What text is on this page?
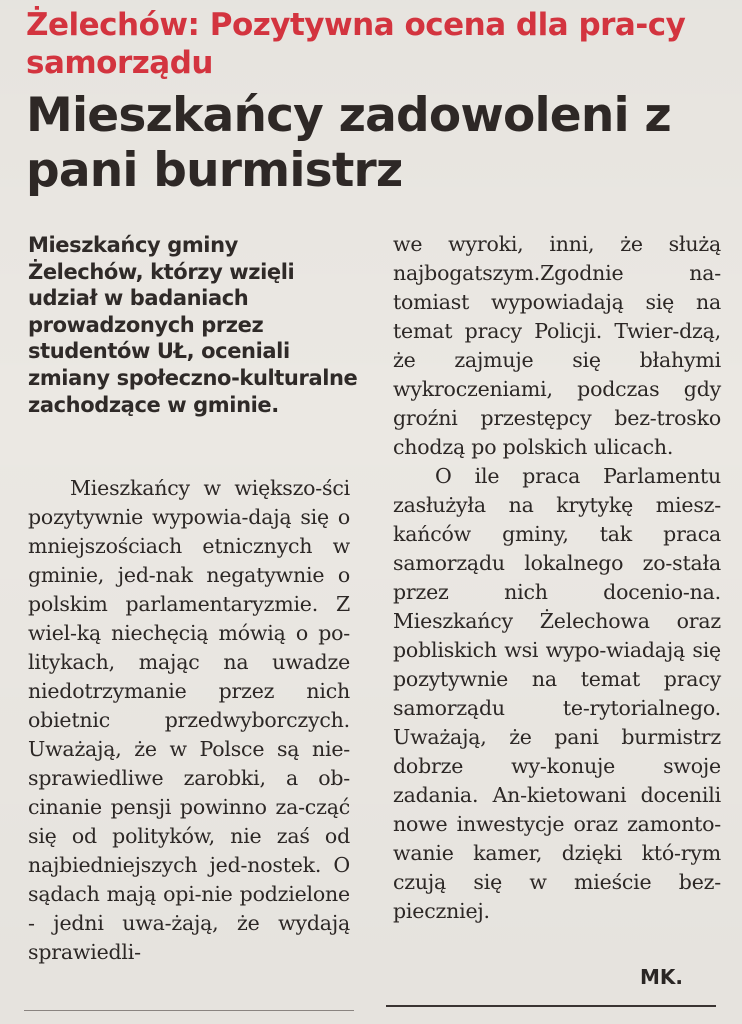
Żelechów: Pozytywna ocena dla pra-cy samorządu
Mieszkańcy zadowoleni z pani burmistrz
Mieszkańcy gminy Żelechów, którzy wzięli udział w badaniach prowadzonych przez studentów UŁ, oceniali zmiany społeczno-kulturalne zachodzące w gminie.

Mieszkańcy w większo-ści pozytywnie wypowia-dają się o mniejszościach etnicznych w gminie, jed-nak negatywnie o polskim parlamentaryzmie. Z wiel-ką niechęcią mówią o po-litykach, mając na uwadze niedotrzymanie przez nich obietnic przedwyborczych. Uważają, że w Polsce są nie-sprawiedliwe zarobki, a ob-cinanie pensji powinno za-cząć się od polityków, nie zaś od najbiedniejszych jed-nostek. O sądach mają opi-nie podzielone - jedni uwa-żają, że wydają sprawiedli-

we wyroki, inni, że służą najbogatszym.Zgodnie na-tomiast wypowiadają się na temat pracy Policji. Twier-dzą, że zajmuje się błahymi wykroczeniami, podczas gdy groźni przestępcy bez-trosko chodzą po polskich ulicach.

O ile praca Parlamentu zasłużyła na krytykę miesz-kańców gminy, tak praca samorządu lokalnego zo-stała przez nich docenio-na. Mieszkańcy Żelechowa oraz pobliskich wsi wypo-wiadają się pozytywnie na temat pracy samorządu te-rytorialnego. Uważają, że pani burmistrz dobrze wy-konuje swoje zadania. An-kietowani docenili nowe inwestycje oraz zamonto-wanie kamer, dzięki któ-rym czują się w mieście bez-pieczniej.

MK.
